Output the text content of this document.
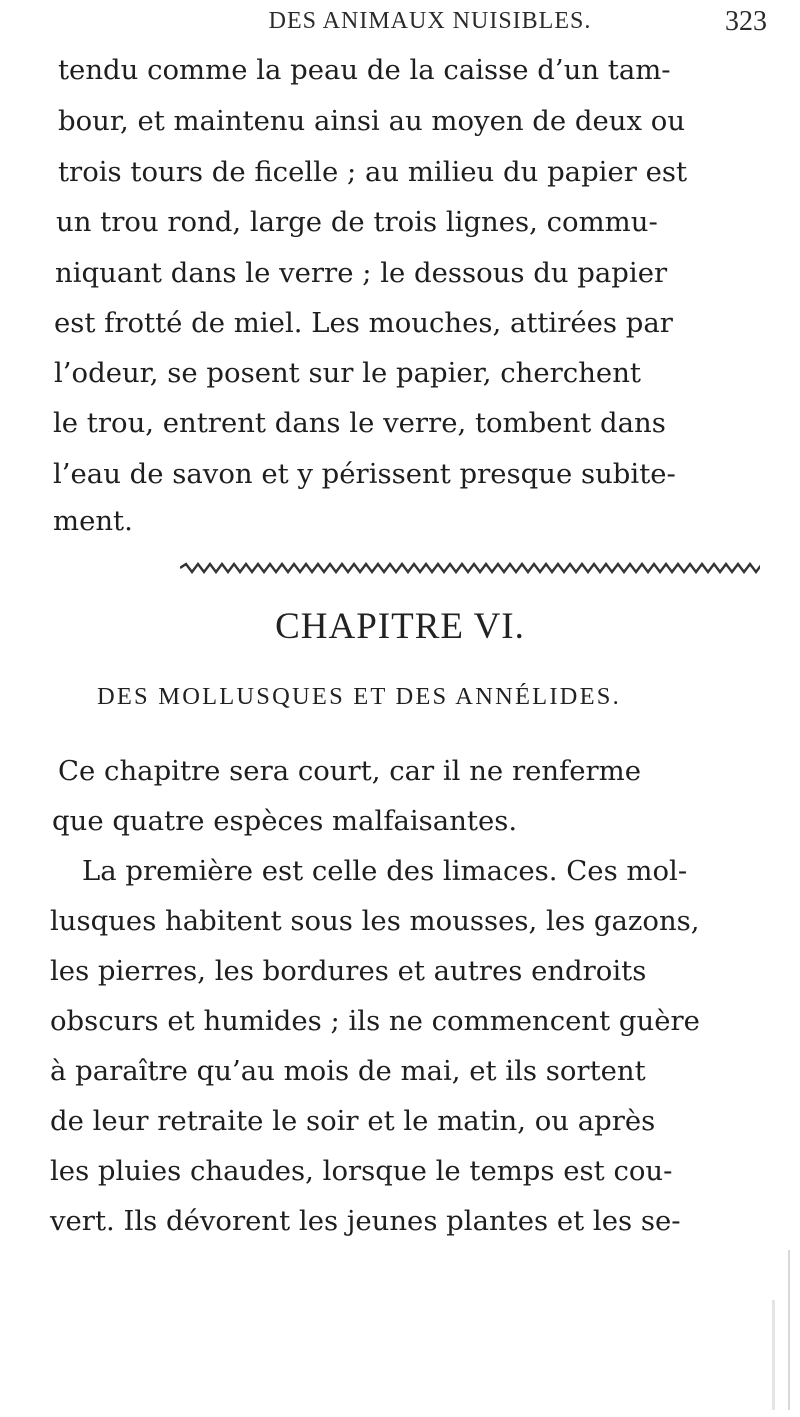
DES ANIMAUX NUISIBLES.	323
tendu comme la peau de la caisse d’un tam-
bour, et maintenu ainsi au moyen de deux ou
trois tours de ficelle ; au milieu du papier est
un trou rond, large de trois lignes, commu-
niquant dans le verre ; le dessous du papier
est frotté de miel. Les mouches, attirées par
l’odeur, se posent sur le papier, cherchent
le trou, entrent dans le verre, tombent dans
l’eau de savon et y périssent presque subite-
ment.
CHAPITRE VI.
DES MOLLUSQUES ET DES ANNÉLIDES.
Ce chapitre sera court, car il ne renferme
que quatre espèces malfaisantes.
La première est celle des limaces. Ces mol-
lusques habitent sous les mousses, les gazons,
les pierres, les bordures et autres endroits
obscurs et humides ; ils ne commencent guère
à paraître qu’au mois de mai, et ils sortent
de leur retraite le soir et le matin, ou après
les pluies chaudes, lorsque le temps est cou-
vert. Ils dévorent les jeunes plantes et les se-
